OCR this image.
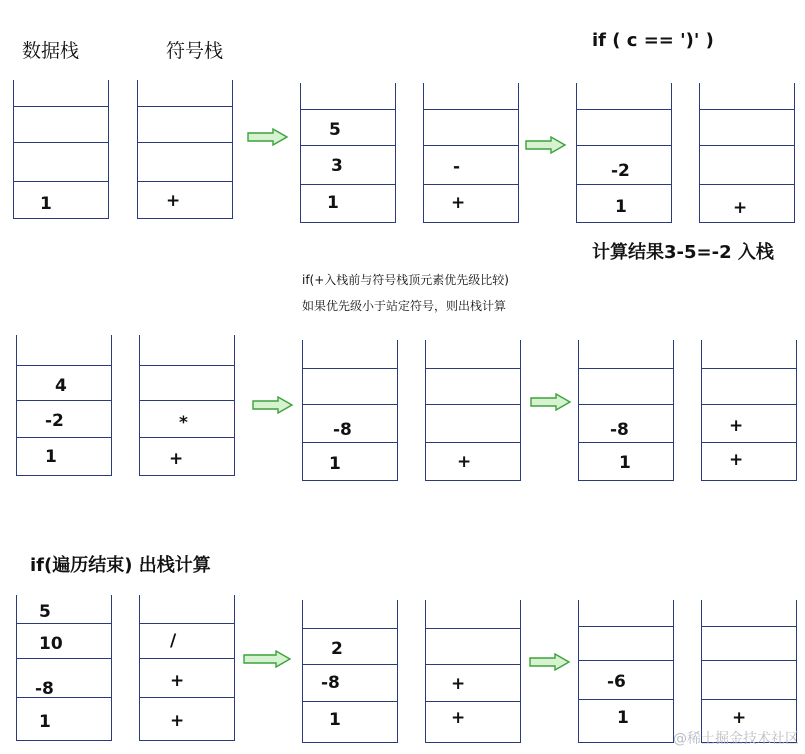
数据栈	符号栈	if ( c == ')' )
计算结果3-5=-2 入栈
if(+入栈前与符号栈顶元素优先级比较)
如果优先级小于站定符号，则出栈计算
if(遍历结束) 出栈计算
1	+
5
3
1
-
+
-2
1	+
4
-2
1
*
+
-8
1	+
-8
1
+
+
5
10
-8
1
/
+
+
2
-8
1
+
+
-6
1	+
@稀土掘金技术社区
